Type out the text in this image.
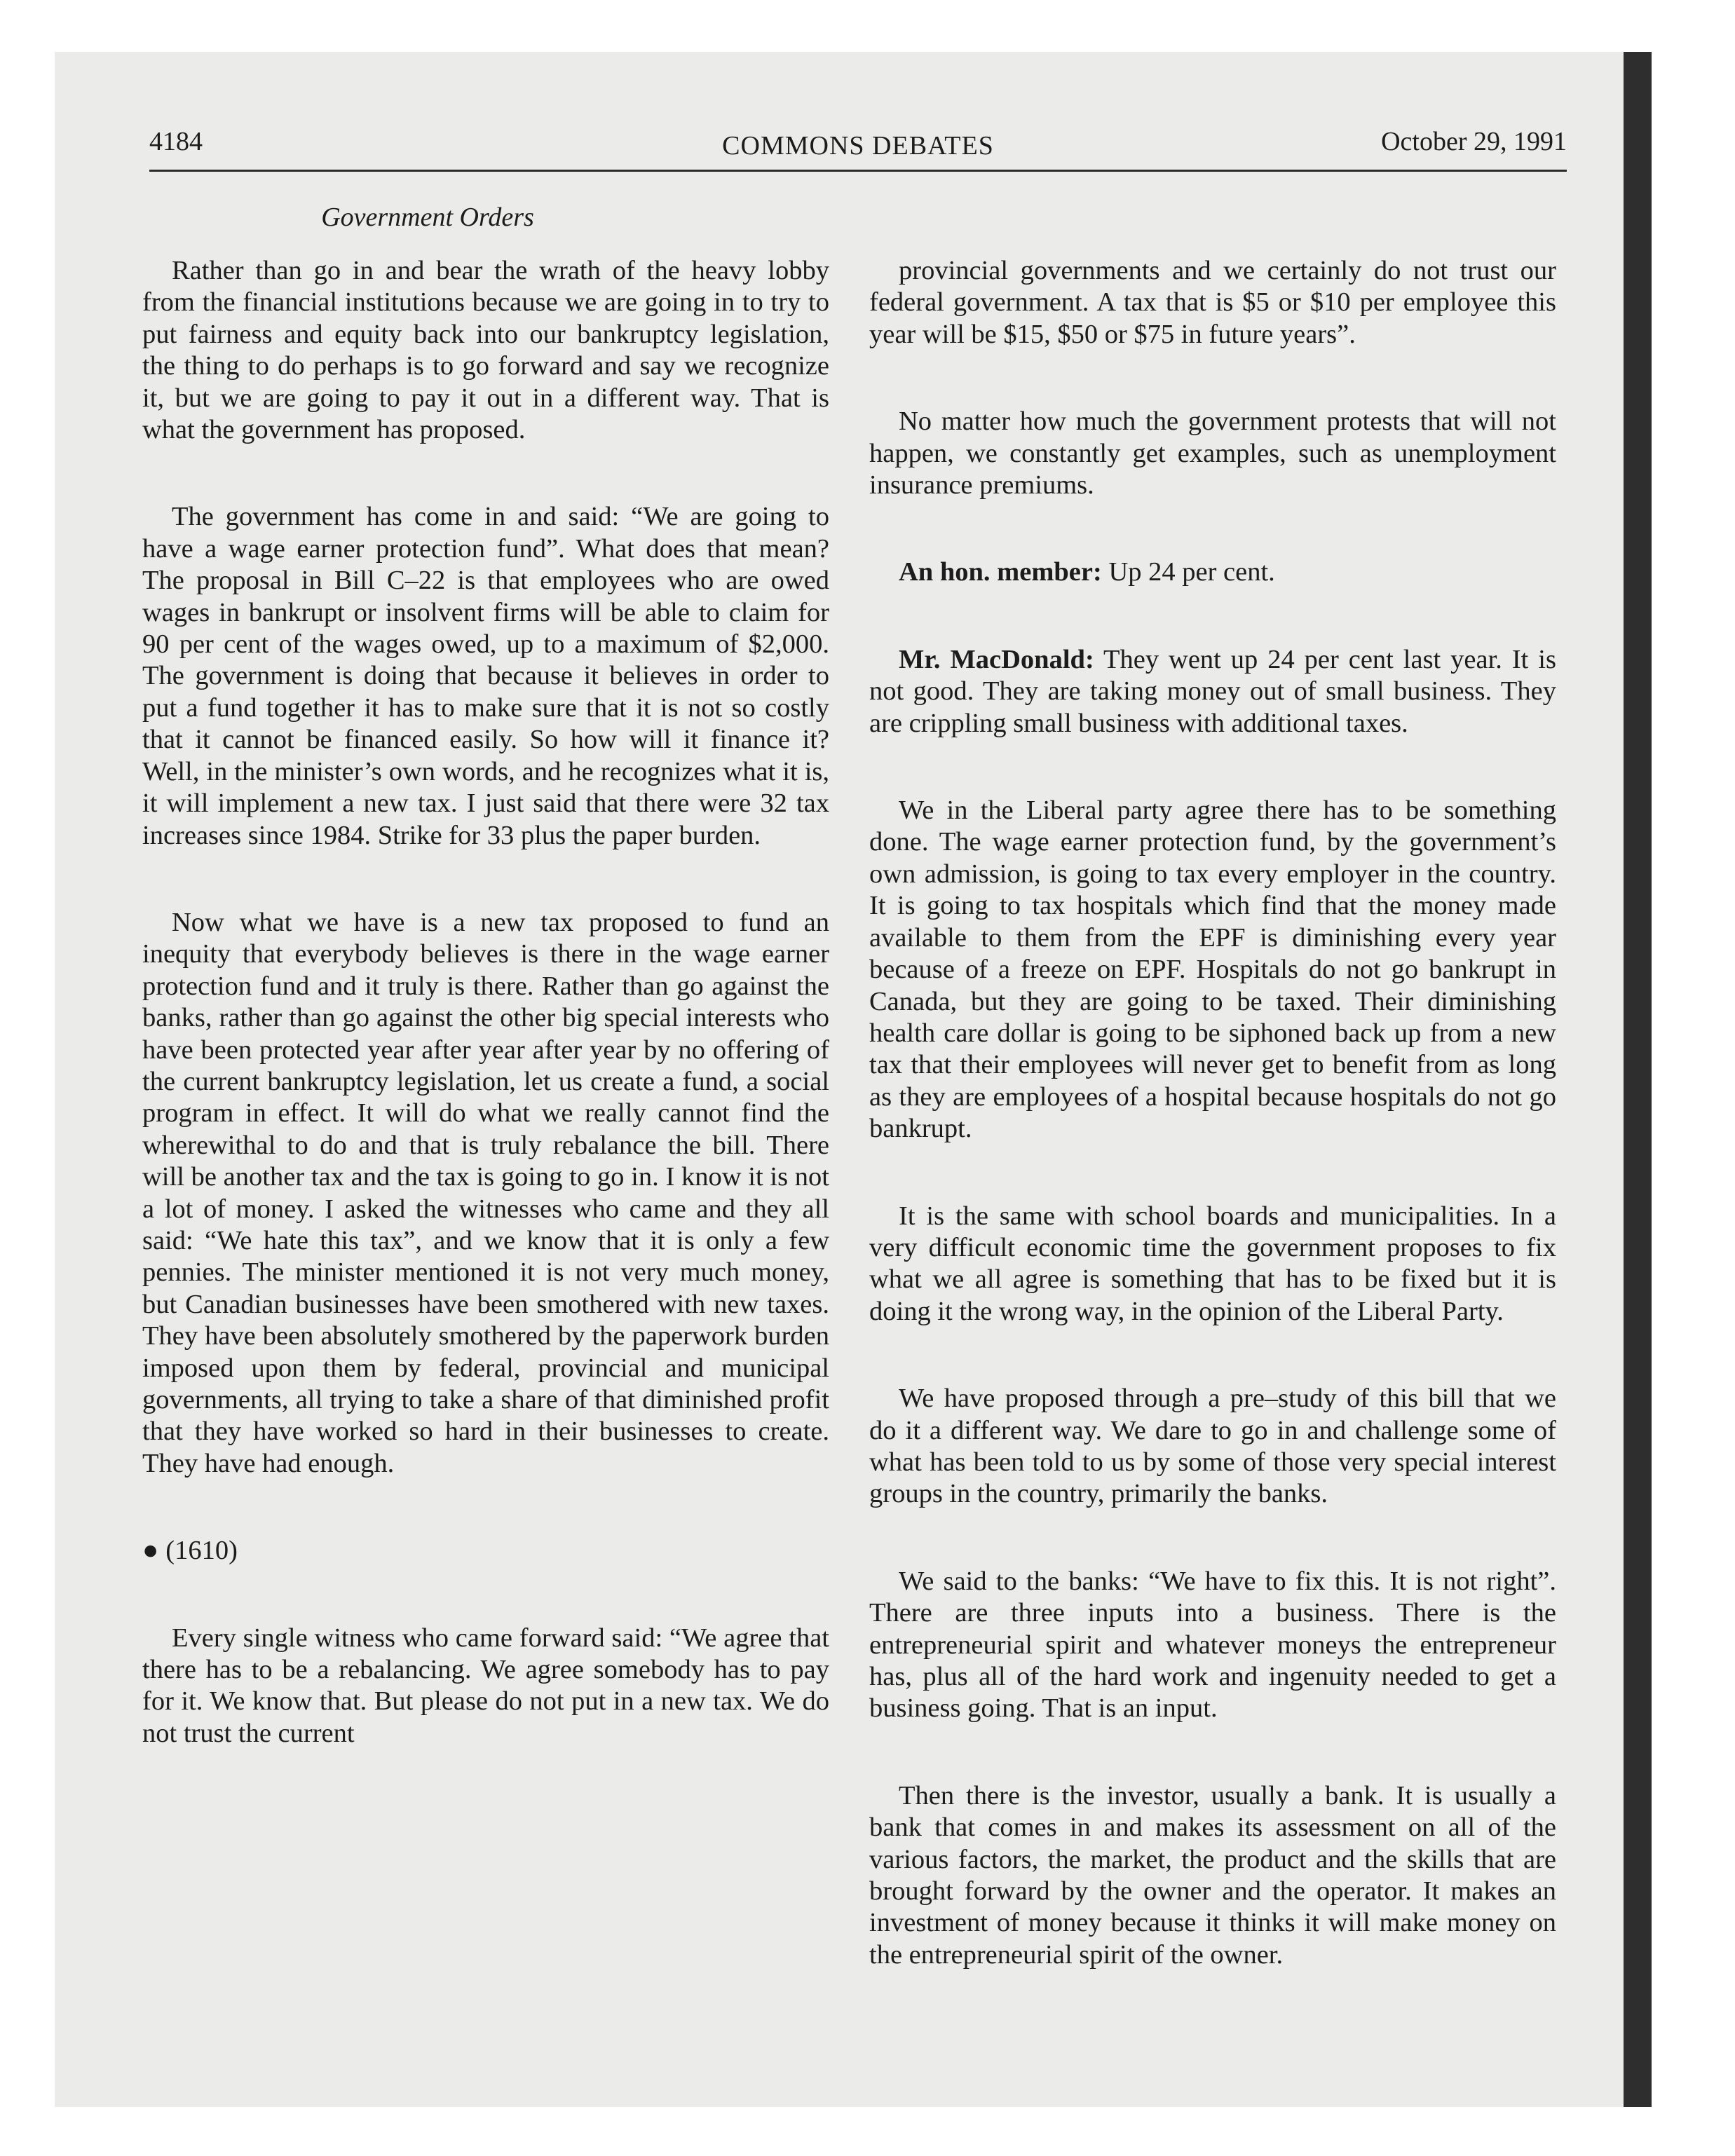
4184	COMMONS DEBATES	October 29, 1991
Government Orders

Rather than go in and bear the wrath of the heavy lobby from the financial institutions because we are going in to try to put fairness and equity back into our bankruptcy legislation, the thing to do perhaps is to go forward and say we recognize it, but we are going to pay it out in a different way. That is what the government has proposed.

The government has come in and said: “We are going to have a wage earner protection fund”. What does that mean? The proposal in Bill C–22 is that employees who are owed wages in bankrupt or insolvent firms will be able to claim for 90 per cent of the wages owed, up to a maximum of $2,000. The government is doing that because it believes in order to put a fund together it has to make sure that it is not so costly that it cannot be financed easily. So how will it finance it? Well, in the minister’s own words, and he recognizes what it is, it will implement a new tax. I just said that there were 32 tax increases since 1984. Strike for 33 plus the paper burden.

Now what we have is a new tax proposed to fund an inequity that everybody believes is there in the wage earner protection fund and it truly is there. Rather than go against the banks, rather than go against the other big special interests who have been protected year after year after year by no offering of the current bankruptcy legislation, let us create a fund, a social program in effect. It will do what we really cannot find the wherewithal to do and that is truly rebalance the bill. There will be another tax and the tax is going to go in. I know it is not a lot of money. I asked the witnesses who came and they all said: “We hate this tax”, and we know that it is only a few pennies. The minister mentioned it is not very much money, but Canadian businesses have been smothered with new taxes. They have been absolutely smothered by the paperwork burden imposed upon them by federal, provincial and municipal governments, all trying to take a share of that diminished profit that they have worked so hard in their businesses to create. They have had enough.

● (1610)

Every single witness who came forward said: “We agree that there has to be a rebalancing. We agree somebody has to pay for it. We know that. But please do not put in a new tax. We do not trust the current

provincial governments and we certainly do not trust our federal government. A tax that is $5 or $10 per employee this year will be $15, $50 or $75 in future years”.

No matter how much the government protests that will not happen, we constantly get examples, such as unemployment insurance premiums.

An hon. member: Up 24 per cent.

Mr. MacDonald: They went up 24 per cent last year. It is not good. They are taking money out of small business. They are crippling small business with additional taxes.

We in the Liberal party agree there has to be something done. The wage earner protection fund, by the government’s own admission, is going to tax every employer in the country. It is going to tax hospitals which find that the money made available to them from the EPF is diminishing every year because of a freeze on EPF. Hospitals do not go bankrupt in Canada, but they are going to be taxed. Their diminishing health care dollar is going to be siphoned back up from a new tax that their employees will never get to benefit from as long as they are employees of a hospital because hospitals do not go bankrupt.

It is the same with school boards and municipalities. In a very difficult economic time the government proposes to fix what we all agree is something that has to be fixed but it is doing it the wrong way, in the opinion of the Liberal Party.

We have proposed through a pre–study of this bill that we do it a different way. We dare to go in and challenge some of what has been told to us by some of those very special interest groups in the country, primarily the banks.

We said to the banks: “We have to fix this. It is not right”. There are three inputs into a business. There is the entrepreneurial spirit and whatever moneys the entrepreneur has, plus all of the hard work and ingenuity needed to get a business going. That is an input.

Then there is the investor, usually a bank. It is usually a bank that comes in and makes its assessment on all of the various factors, the market, the product and the skills that are brought forward by the owner and the operator. It makes an investment of money because it thinks it will make money on the entrepreneurial spirit of the owner.
